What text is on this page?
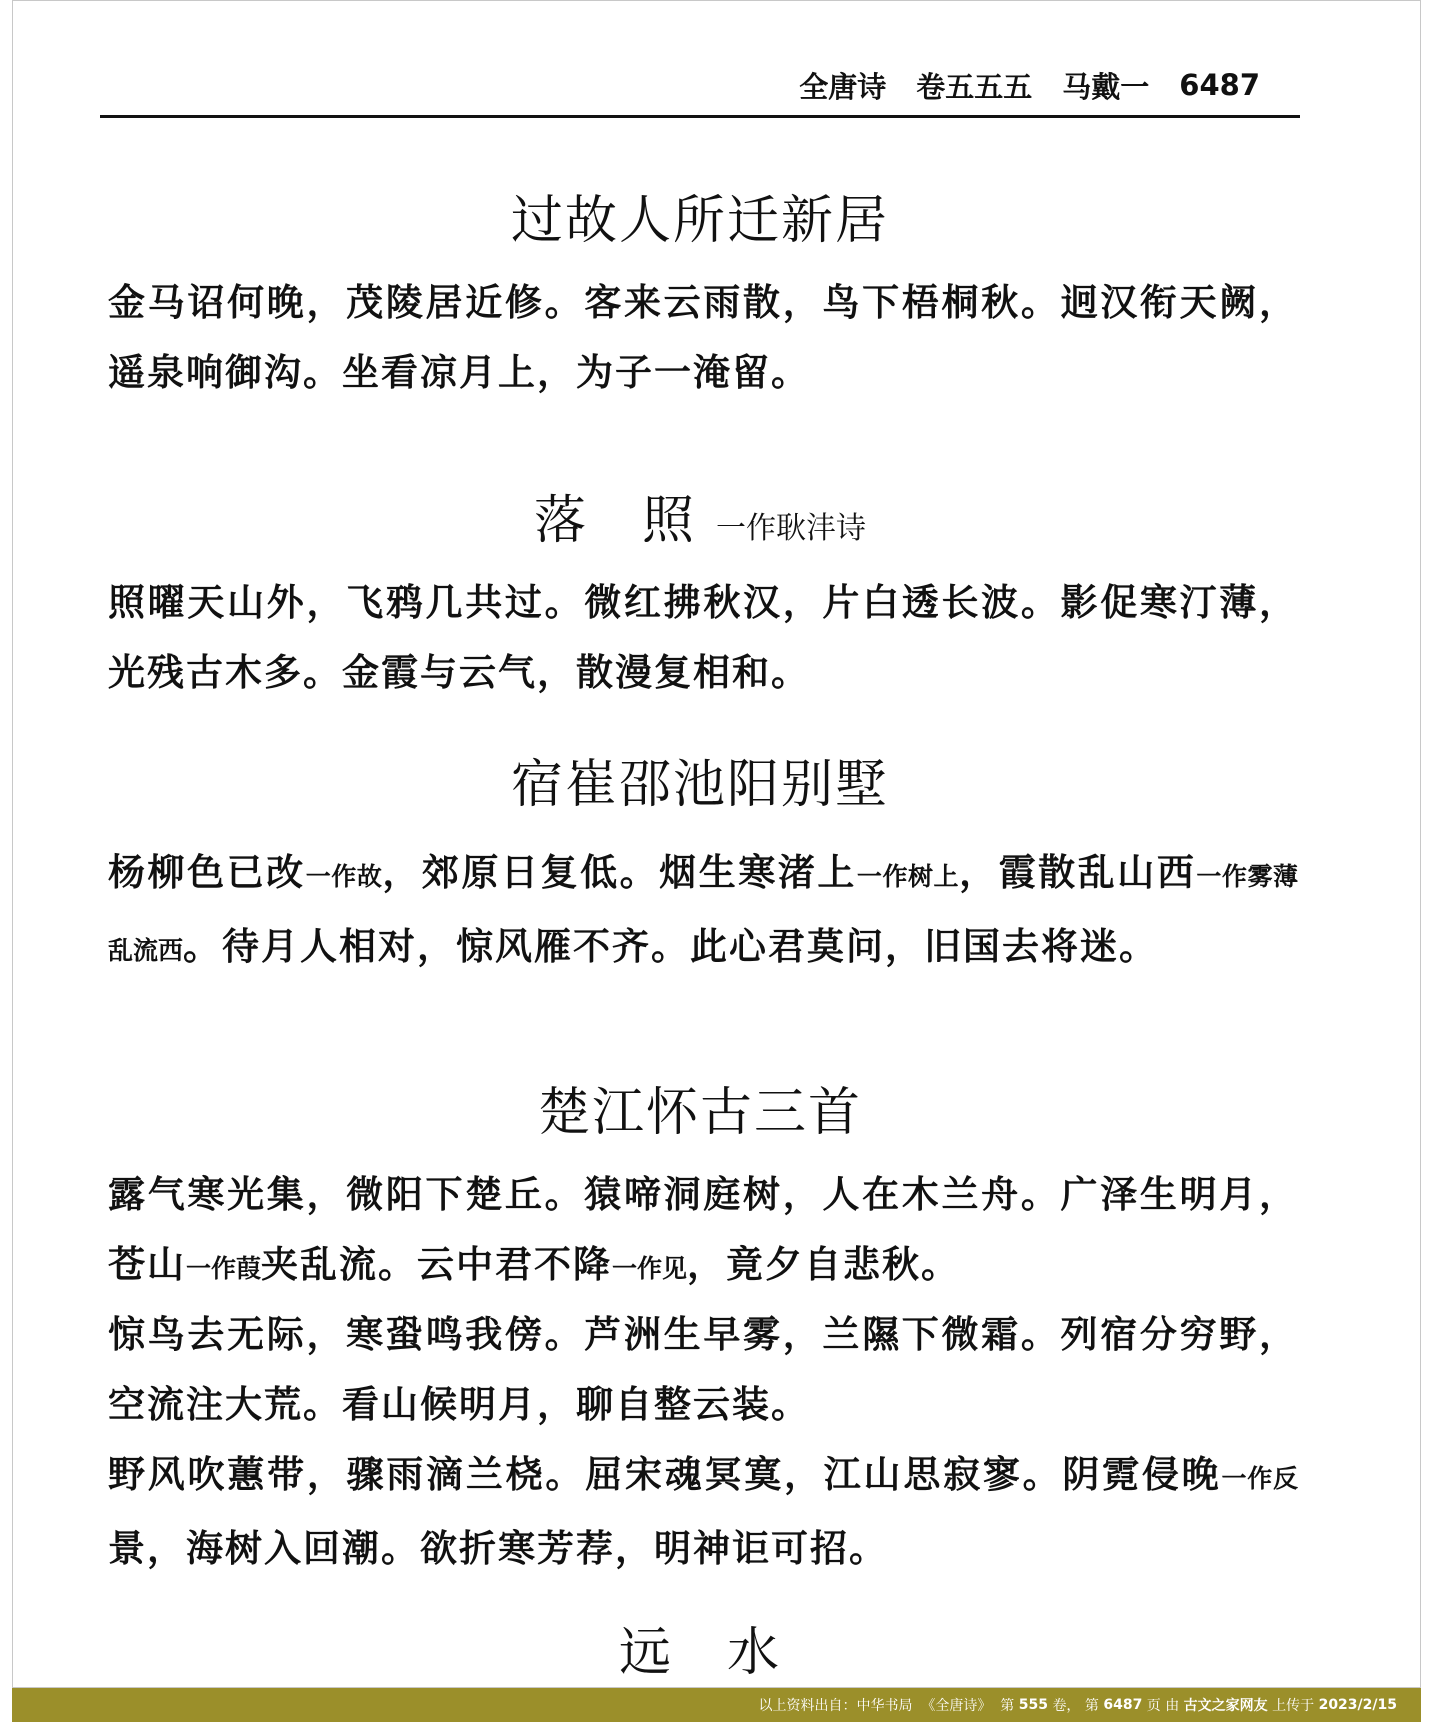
全唐诗 卷五五五 马戴一 6487
过故人所迁新居
金马诏何晚，茂陵居近修。客来云雨散，鸟下梧桐秋。迥汉衔天阙，遥泉响御沟。坐看凉月上，为子一淹留。
落　照 一作耿沣诗
照曜天山外，飞鸦几共过。微红拂秋汉，片白透长波。影促寒汀薄，光残古木多。金霞与云气，散漫复相和。
宿崔邵池阳别墅
杨柳色已改一作故，郊原日复低。烟生寒渚上一作树上，霞散乱山西一作雾薄乱流西。待月人相对，惊风雁不齐。此心君莫问，旧国去将迷。
楚江怀古三首
露气寒光集，微阳下楚丘。猿啼洞庭树，人在木兰舟。广泽生明月，苍山一作葭夹乱流。云中君不降一作见，竟夕自悲秋。
惊鸟去无际，寒蛩鸣我傍。芦洲生早雾，兰隰下微霜。列宿分穷野，空流注大荒。看山候明月，聊自整云装。
野风吹蕙带，骤雨滴兰桡。屈宋魂冥寞，江山思寂寥。阴霓侵晚一作反景，海树入回潮。欲折寒芳荐，明神讵可招。
远　水
以上资料出自： 中华书局
《全唐诗》
第
555
卷，
第
6487
页 由
古文之家网友
上传于
2023/2/15
